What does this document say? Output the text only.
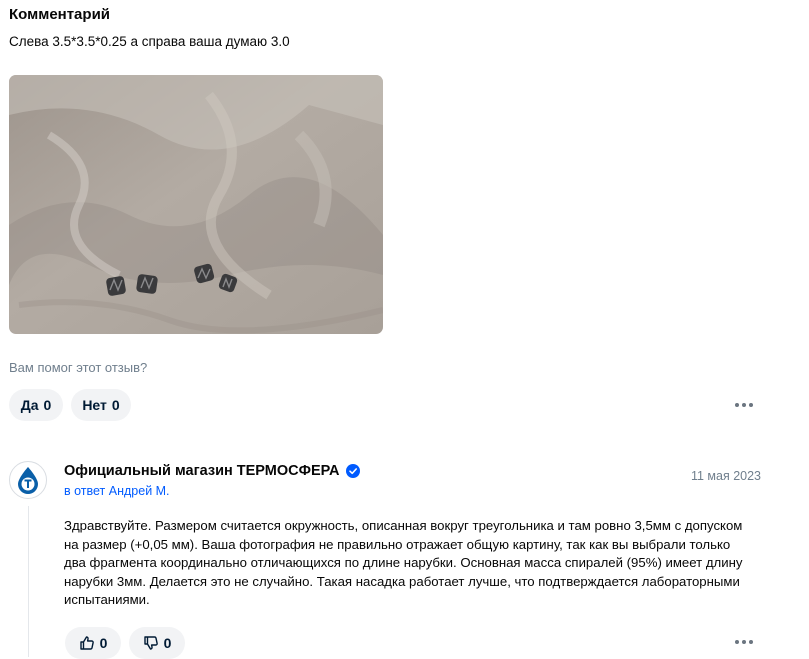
Комментарий
Слева 3.5*3.5*0.25 а справа ваша думаю 3.0
Вам помог этот отзыв?
Да 0 Нет 0
Официальный магазин ТЕРМОСФЕРА	11 мая 2023
в ответ Андрей М.
Здравствуйте. Размером считается окружность, описанная вокруг треугольника и там ровно 3,5мм с допуском на размер (+0,05 мм). Ваша фотография не правильно отражает общую картину, так как вы выбрали только два фрагмента координально отличающихся по длине нарубки. Основная масса спиралей (95%) имеет длину нарубки 3мм. Делается это не случайно. Такая насадка работает лучше, что подтверждается лабораторными испытаниями.
0	0
